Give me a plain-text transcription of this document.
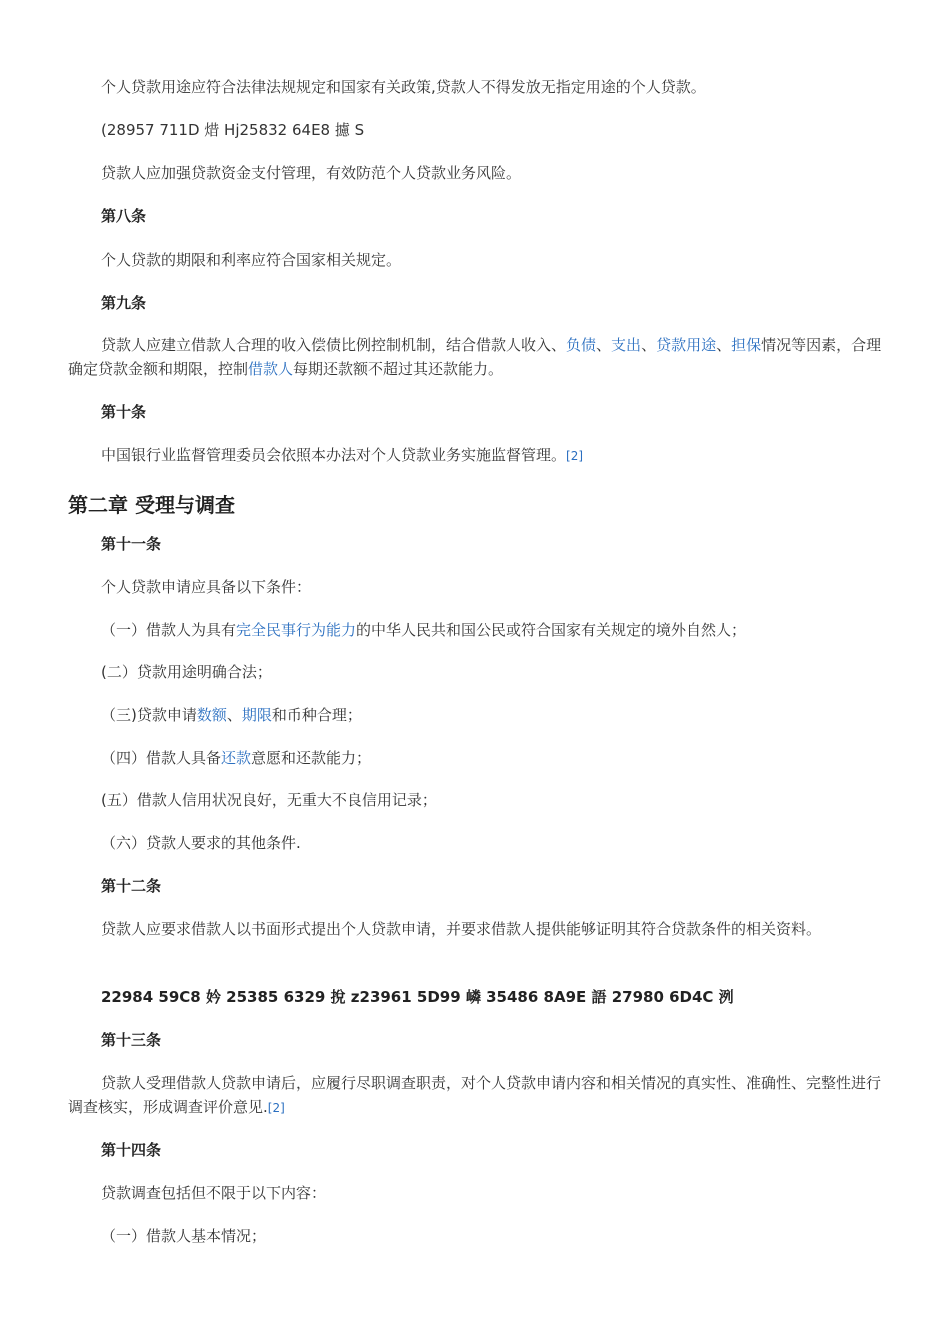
个人贷款用途应符合法律法规规定和国家有关政策,贷款人不得发放无指定用途的个人贷款。
(28957 711D 焟 Hj25832 64E8 攄 S
贷款人应加强贷款资金支付管理，有效防范个人贷款业务风险。
第八条
个人贷款的期限和利率应符合国家相关规定。
第九条
贷款人应建立借款人合理的收入偿债比例控制机制，结合借款人收入、负债、支出、贷款用途、担保情况等因素，合理确定贷款金额和期限，控制借款人每期还款额不超过其还款能力。
第十条
中国银行业监督管理委员会依照本办法对个人贷款业务实施监督管理。[2]
第二章 受理与调查
第十一条
个人贷款申请应具备以下条件：
（一）借款人为具有完全民事行为能力的中华人民共和国公民或符合国家有关规定的境外自然人；
(二）贷款用途明确合法；
（三)贷款申请数额、期限和币种合理；
（四）借款人具备还款意愿和还款能力；
(五）借款人信用状况良好，无重大不良信用记录；
（六）贷款人要求的其他条件.
第十二条
贷款人应要求借款人以书面形式提出个人贷款申请，并要求借款人提供能够证明其符合贷款条件的相关资料。
22984 59C8 妗 25385 6329 挩 z23961 5D99 嶙 35486 8A9E 語 27980 6D4C 洌
第十三条
贷款人受理借款人贷款申请后，应履行尽职调查职责，对个人贷款申请内容和相关情况的真实性、准确性、完整性进行调查核实，形成调查评价意见.[2]
第十四条
贷款调查包括但不限于以下内容：
（一）借款人基本情况；
